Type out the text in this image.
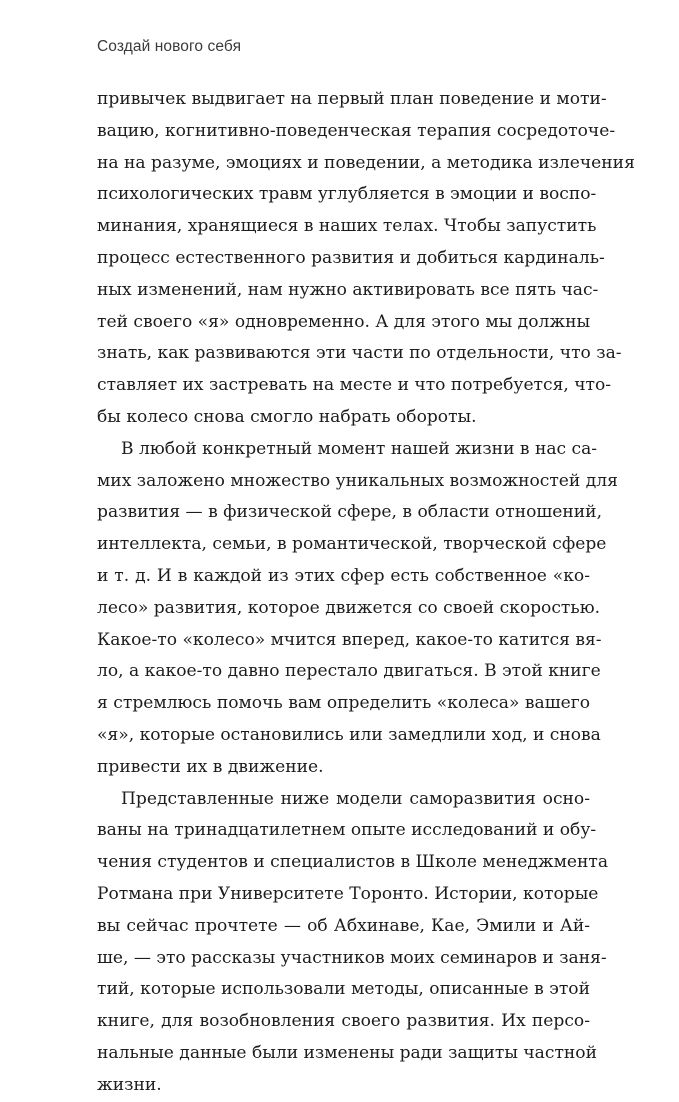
Создай нового себя
привычек выдвигает на первый план поведение и моти-
вацию, когнитивно-поведенческая терапия сосредоточе-
на на разуме, эмоциях и поведении, а методика излечения
психологических травм углубляется в эмоции и воспо-
минания, хранящиеся в наших телах. Чтобы запустить
процесс естественного развития и добиться кардиналь-
ных изменений, нам нужно активировать все пять час-
тей своего «я» одновременно. А для этого мы должны
знать, как развиваются эти части по отдельности, что за-
ставляет их застревать на месте и что потребуется, что-
бы колесо снова смогло набрать обороты.
В любой конкретный момент нашей жизни в нас са-
мих заложено множество уникальных возможностей для
развития — в физической сфере, в области отношений,
интеллекта, семьи, в романтической, творческой сфере
и т. д. И в каждой из этих сфер есть собственное «ко-
лесо» развития, которое движется со своей скоростью.
Какое-то «колесо» мчится вперед, какое-то катится вя-
ло, а какое-то давно перестало двигаться. В этой книге
я стремлюсь помочь вам определить «колеса» вашего
«я», которые остановились или замедлили ход, и снова
привести их в движение.
Представленные ниже модели саморазвития осно-
ваны на тринадцатилетнем опыте исследований и обу-
чения студентов и специалистов в Школе менеджмента
Ротмана при Университете Торонто. Истории, которые
вы сейчас прочтете — об Абхинаве, Кае, Эмили и Ай-
ше, — это рассказы участников моих семинаров и заня-
тий, которые использовали методы, описанные в этой
книге, для возобновления своего развития. Их персо-
нальные данные были изменены ради защиты частной
жизни.
